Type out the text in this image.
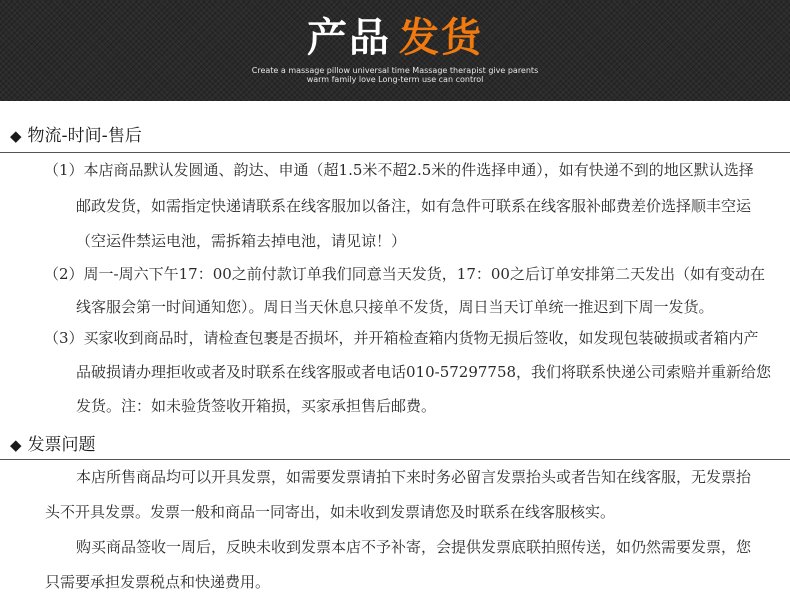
产品 发货
Create a massage pillow universal time Massage therapist give parents
warm family love Long-term use can control
◆ 物流-时间-售后
（1）本店商品默认发圆通、韵达、申通（超1.5米不超2.5米的件选择申通），如有快递不到的地区默认选择
邮政发货，如需指定快递请联系在线客服加以备注，如有急件可联系在线客服补邮费差价选择顺丰空运
（空运件禁运电池，需拆箱去掉电池，请见谅！）
（2）周一-周六下午17：00之前付款订单我们同意当天发货，17：00之后订单安排第二天发出（如有变动在
线客服会第一时间通知您）。周日当天休息只接单不发货，周日当天订单统一推迟到下周一发货。
（3）买家收到商品时，请检查包裹是否损坏，并开箱检查箱内货物无损后签收，如发现包装破损或者箱内产
品破损请办理拒收或者及时联系在线客服或者电话010-57297758，我们将联系快递公司索赔并重新给您
发货。注：如未验货签收开箱损，买家承担售后邮费。
◆ 发票问题
本店所售商品均可以开具发票，如需要发票请拍下来时务必留言发票抬头或者告知在线客服，无发票抬
头不开具发票。发票一般和商品一同寄出，如未收到发票请您及时联系在线客服核实。
购买商品签收一周后，反映未收到发票本店不予补寄，会提供发票底联拍照传送，如仍然需要发票，您
只需要承担发票税点和快递费用。
